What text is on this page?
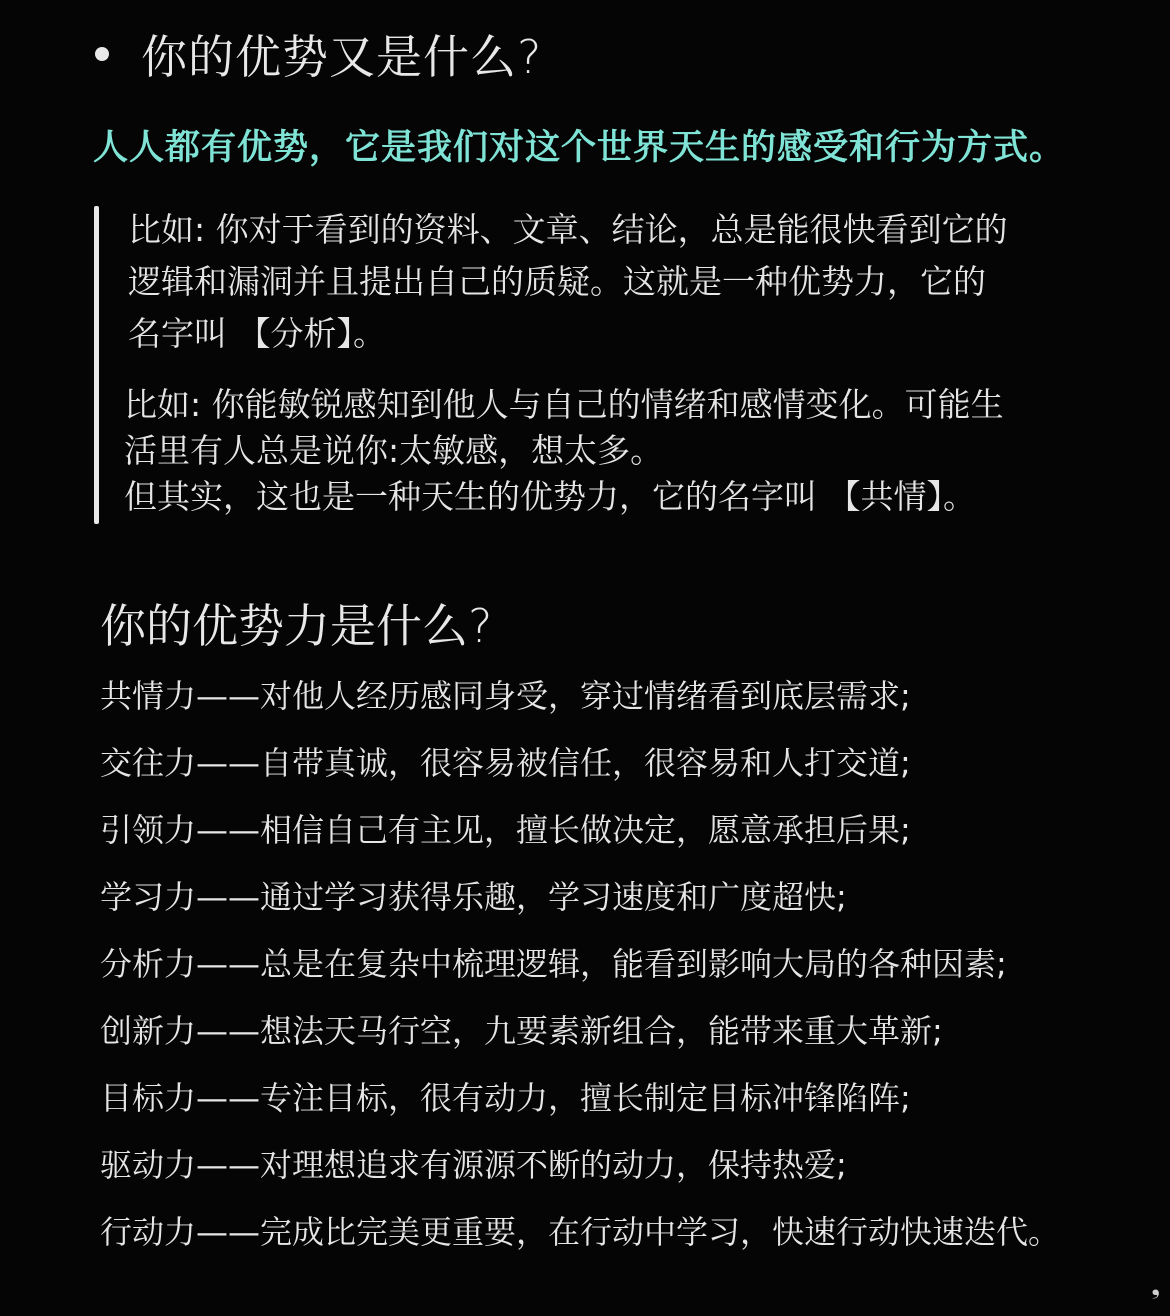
你的优势又是什么?
人人都有优势，它是我们对这个世界天生的感受和行为方式。
比如: 你对于看到的资料、文章、结论，总是能很快看到它的
逻辑和漏洞并且提出自己的质疑。这就是一种优势力，它的
名字叫 【分析】。
比如: 你能敏锐感知到他人与自己的情绪和感情变化。可能生
活里有人总是说你:太敏感，想太多。
但其实，这也是一种天生的优势力，它的名字叫 【共情】。
你的优势力是什么?
共情力——对他人经历感同身受，穿过情绪看到底层需求;
交往力——自带真诚，很容易被信任，很容易和人打交道;
引领力——相信自己有主见，擅长做决定，愿意承担后果;
学习力——通过学习获得乐趣，学习速度和广度超快;
分析力——总是在复杂中梳理逻辑，能看到影响大局的各种因素;
创新力——想法天马行空，九要素新组合，能带来重大革新;
目标力——专注目标，很有动力，擅长制定目标冲锋陷阵;
驱动力——对理想追求有源源不断的动力，保持热爱;
行动力——完成比完美更重要，在行动中学习，快速行动快速迭代。
❟
